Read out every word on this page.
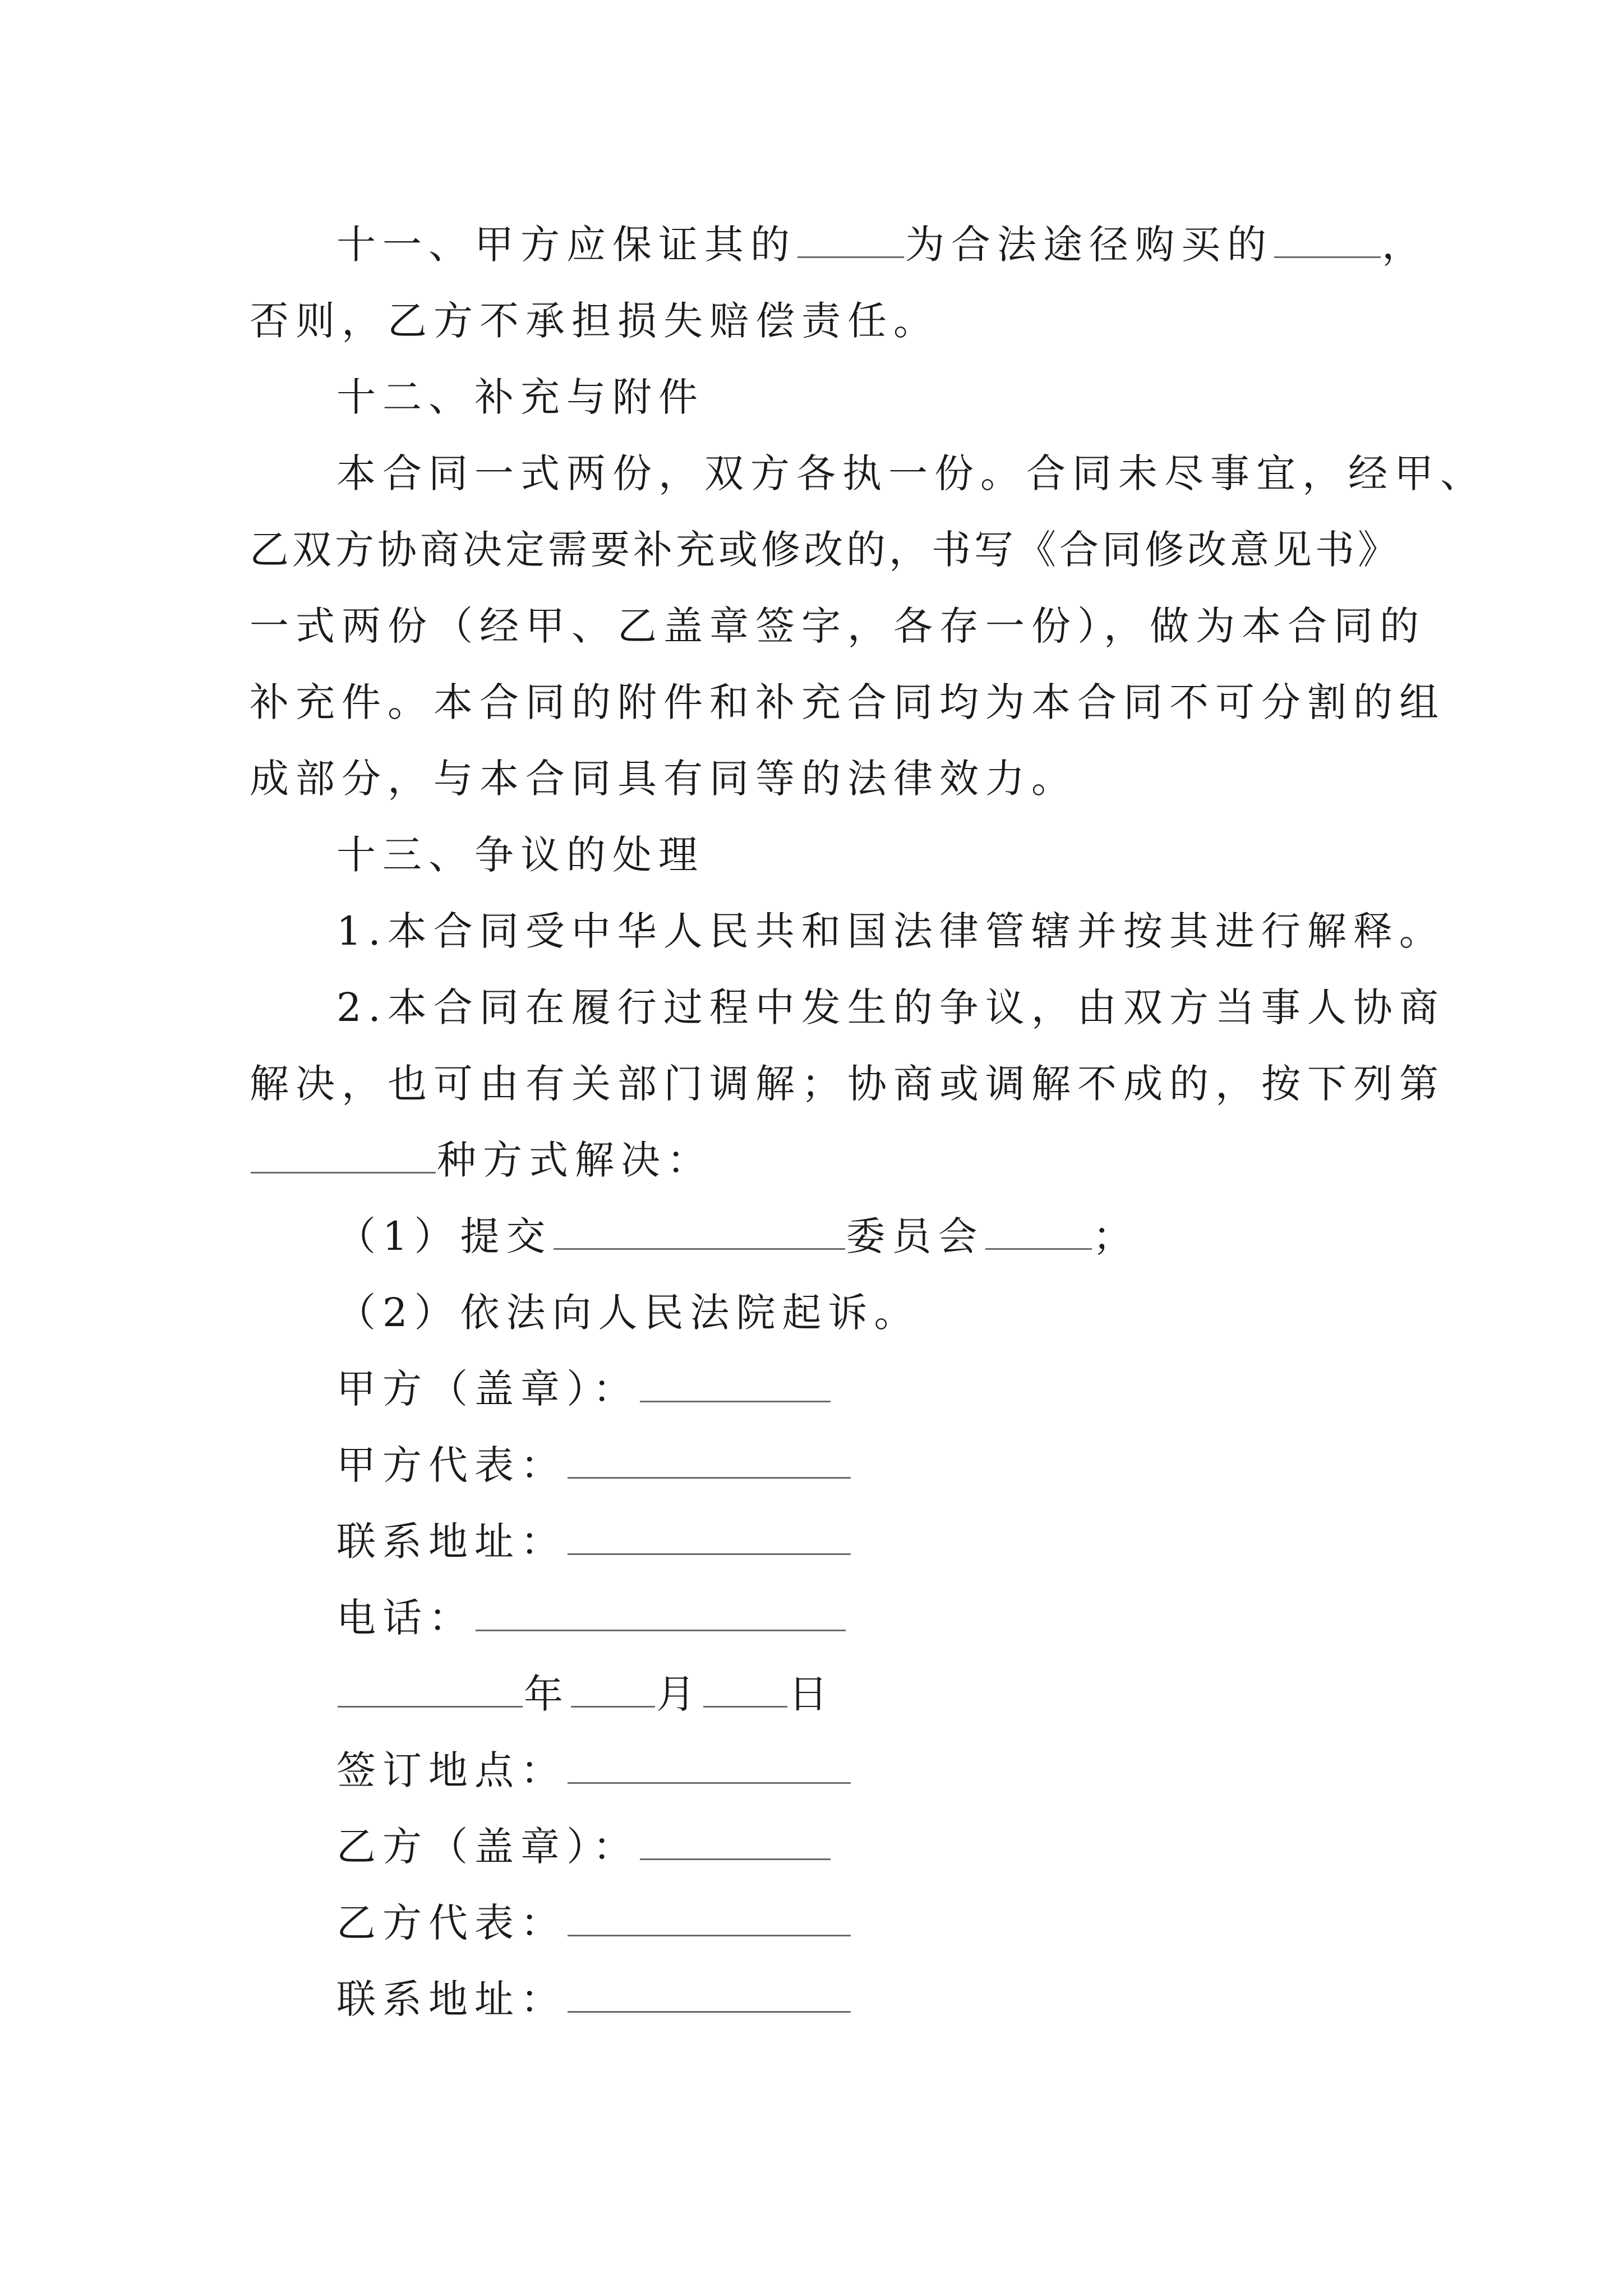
十一、甲方应保证其的	为合法途径购买的	，
否则，乙方不承担损失赔偿责任。
十二、补充与附件
本合同一式两份，双方各执一份。合同未尽事宜，经甲、
乙双方协商决定需要补充或修改的，书写《合同修改意见书》
一式两份（经甲、乙盖章签字，各存一份），做为本合同的
补充件。本合同的附件和补充合同均为本合同不可分割的组
成部分，与本合同具有同等的法律效力。
十三、争议的处理
1.本合同受中华人民共和国法律管辖并按其进行解释。
2.本合同在履行过程中发生的争议，由双方当事人协商
解决，也可由有关部门调解；协商或调解不成的，按下列第
种方式解决：
（1）提交	委员会	；
（2）依法向人民法院起诉。
甲方（盖章）：
甲方代表：
联系地址：
电话：
年 月 日
签订地点：
乙方（盖章）：
乙方代表：
联系地址：
